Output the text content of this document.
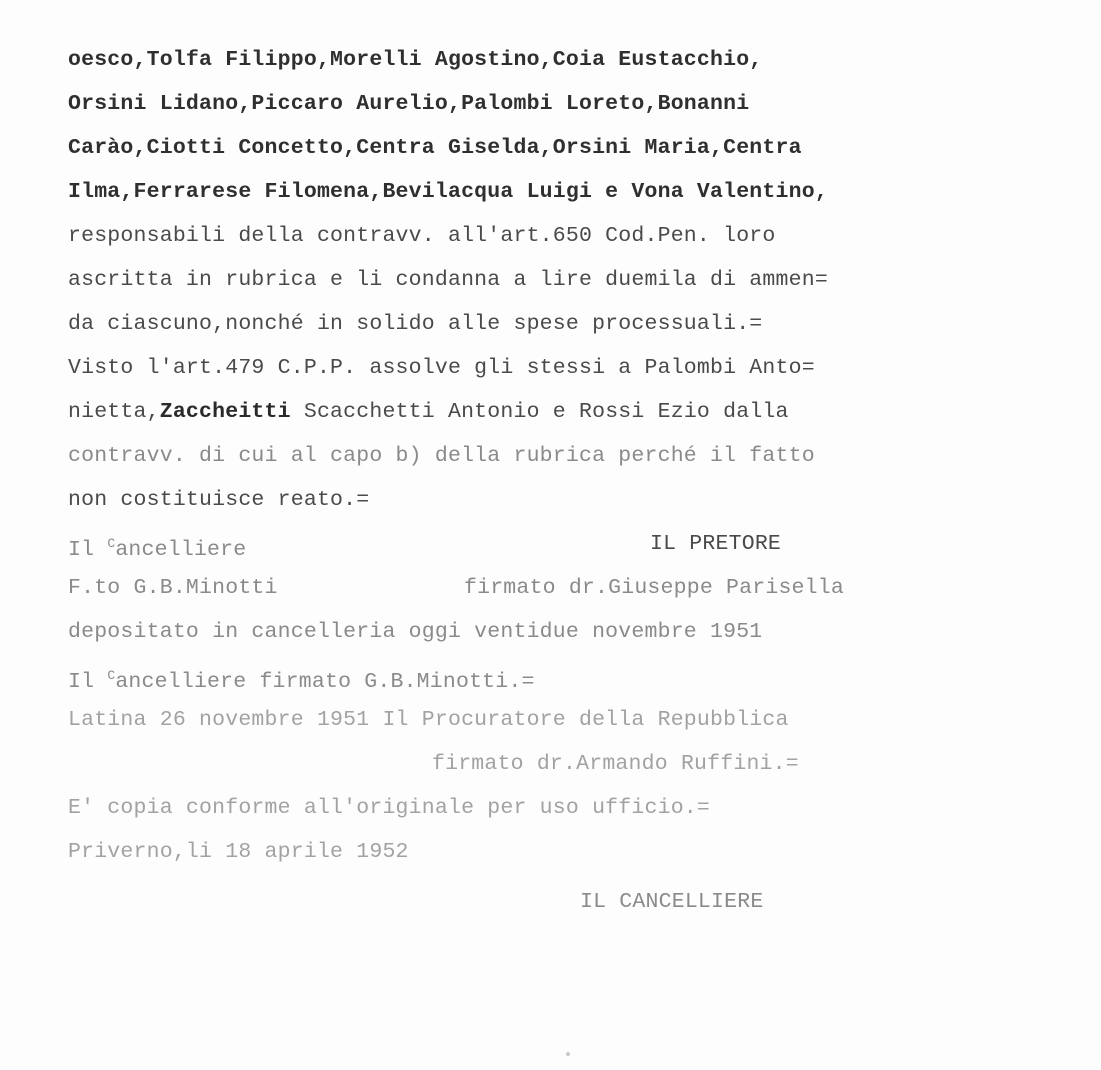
oesco,Tolfa Filippo,Morelli Agostino,Coia Eustacchio,
Orsini Lidano,Piccaro Aurelio,Palombi Loreto,Bonanni
Carào,Ciotti Concetto,Centra Giselda,Orsini Maria,Centra
Ilma,Ferrarese Filomena,Bevilacqua Luigi e Vona Valentino,
responsabili della contravv. all'art.650 Cod.Pen. loro
ascritta in rubrica e li condanna a lire duemila di ammen=
da ciascuno,nonché in solido alle spese processuali.=
Visto l'art.479 C.P.P. assolve gli stessi a Palombi Anto=
nietta,Zaccheitti Scacchetti Antonio e Rossi Ezio dalla
contravv. di cui al capo b) della rubrica perché il fatto
non costituisce reato.=
Il $^C$ancelliere	IL PRETORE
F.to G.B.Minotti	firmato dr.Giuseppe Parisella
depositato in cancelleria oggi ventidue novembre 1951
Il $^C$ancelliere firmato G.B.Minotti.=
Latina 26 novembre 1951 Il Procuratore della Repubblica
firmato dr.Armando Ruffini.=
E' copia conforme all'originale per uso ufficio.=
Priverno,li 18 aprile 1952
IL CANCELLIERE
